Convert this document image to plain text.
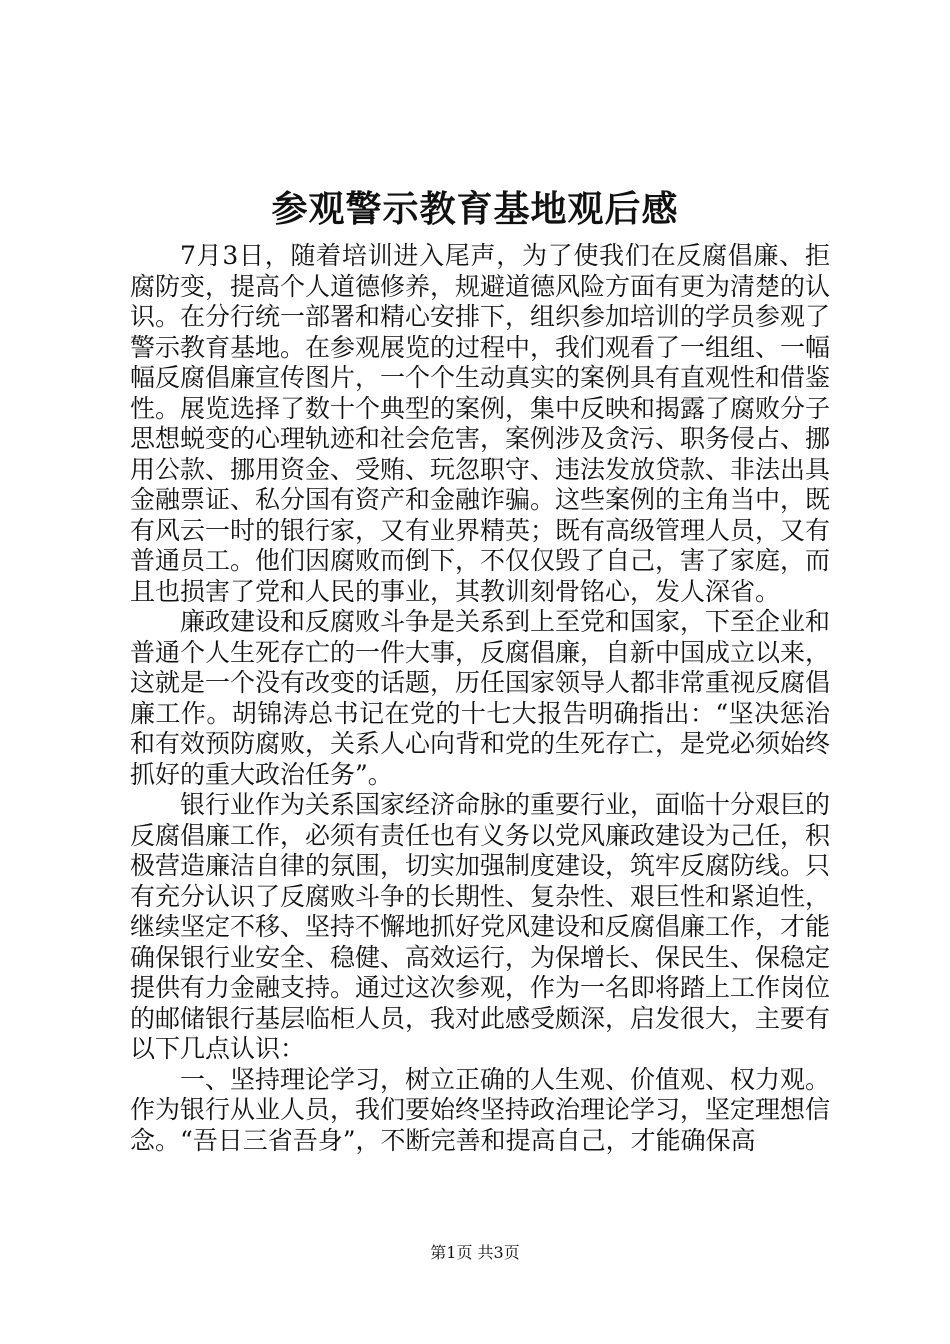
参观警示教育基地观后感

7月3日，随着培训进入尾声，为了使我们在反腐倡廉、拒腐防变，提高个人道德修养，规避道德风险方面有更为清楚的认识。在分行统一部署和精心安排下，组织参加培训的学员参观了警示教育基地。在参观展览的过程中，我们观看了一组组、一幅幅反腐倡廉宣传图片，一个个生动真实的案例具有直观性和借鉴性。展览选择了数十个典型的案例，集中反映和揭露了腐败分子思想蜕变的心理轨迹和社会危害，案例涉及贪污、职务侵占、挪用公款、挪用资金、受贿、玩忽职守、违法发放贷款、非法出具金融票证、私分国有资产和金融诈骗。这些案例的主角当中，既有风云一时的银行家，又有业界精英；既有高级管理人员，又有普通员工。他们因腐败而倒下，不仅仅毁了自己，害了家庭，而且也损害了党和人民的事业，其教训刻骨铭心，发人深省。

廉政建设和反腐败斗争是关系到上至党和国家，下至企业和普通个人生死存亡的一件大事，反腐倡廉，自新中国成立以来，这就是一个没有改变的话题，历任国家领导人都非常重视反腐倡廉工作。胡锦涛总书记在党的十七大报告明确指出：“坚决惩治和有效预防腐败，关系人心向背和党的生死存亡，是党必须始终抓好的重大政治任务”。

银行业作为关系国家经济命脉的重要行业，面临十分艰巨的反腐倡廉工作，必须有责任也有义务以党风廉政建设为己任，积极营造廉洁自律的氛围，切实加强制度建设，筑牢反腐防线。只有充分认识了反腐败斗争的长期性、复杂性、艰巨性和紧迫性，继续坚定不移、坚持不懈地抓好党风建设和反腐倡廉工作，才能确保银行业安全、稳健、高效运行，为保增长、保民生、保稳定提供有力金融支持。通过这次参观，作为一名即将踏上工作岗位的邮储银行基层临柜人员，我对此感受颇深，启发很大，主要有以下几点认识：

一、坚持理论学习，树立正确的人生观、价值观、权力观。作为银行从业人员，我们要始终坚持政治理论学习，坚定理想信念。“吾日三省吾身”，不断完善和提高自己，才能确保高

第1页 共3页
